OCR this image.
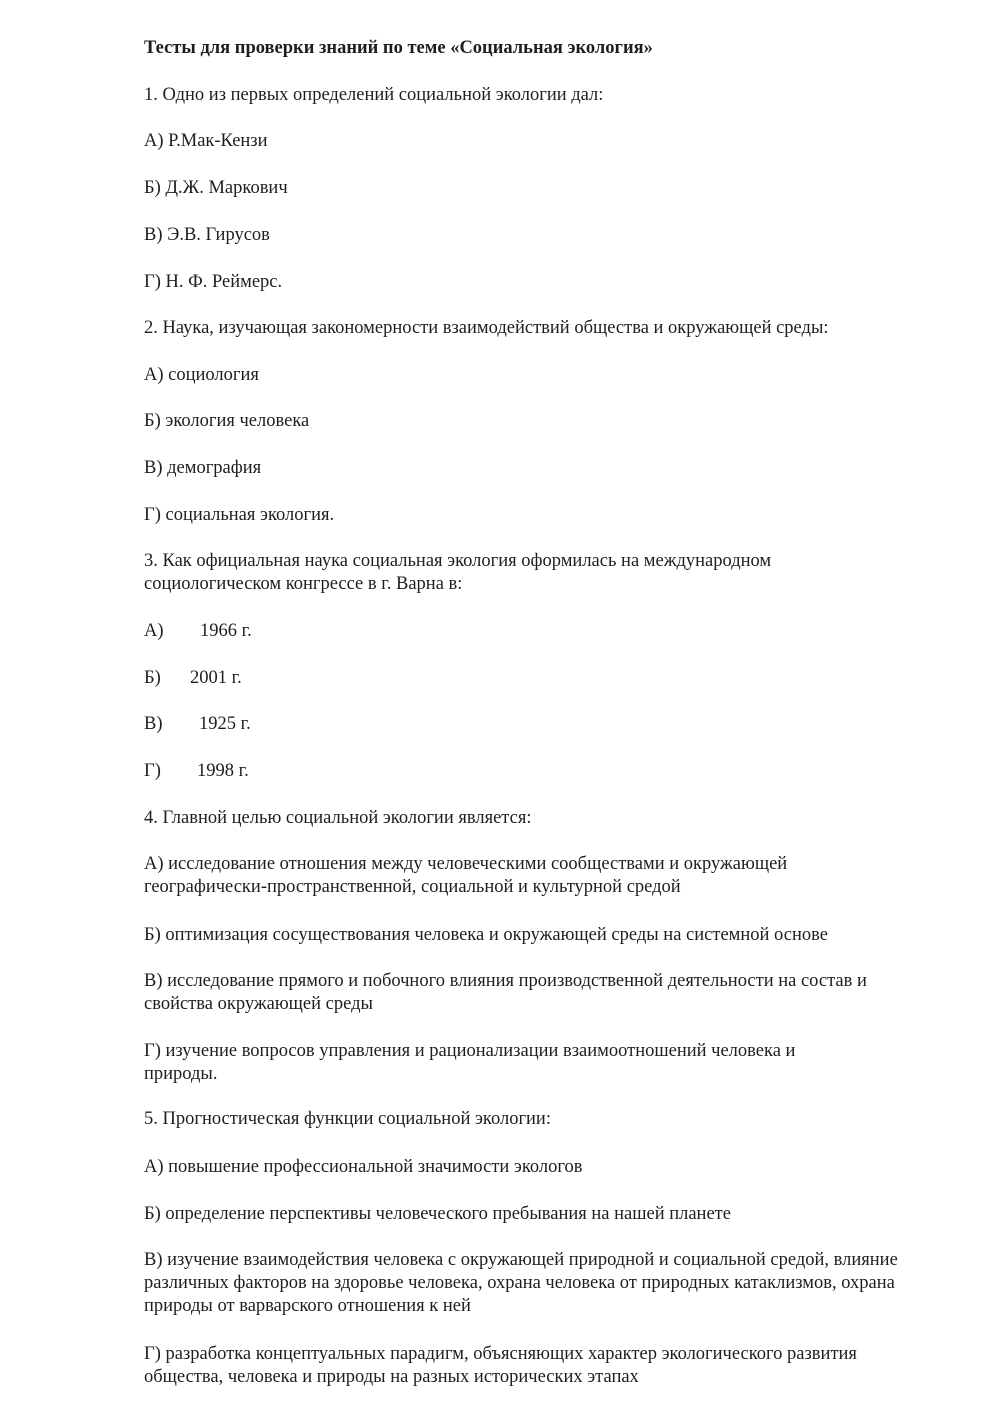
Тесты для проверки знаний по теме «Социальная экология»
1. Одно из первых определений социальной экологии дал:
А) Р.Мак-Кензи
Б) Д.Ж. Маркович
В) Э.В. Гирусов
Г) Н. Ф. Реймерс.
2. Наука, изучающая закономерности взаимодействий общества и окружающей среды:
А) социология
Б) экология человека
В) демография
Г) социальная экология.
3. Как официальная наука социальная экология оформилась на международном социологическом конгрессе в г. Варна в:
А) 1966 г.
Б) 2001 г.
В) 1925 г.
Г) 1998 г.
4. Главной целью социальной экологии является:
А) исследование отношения между человеческими сообществами и окружающей географически-пространственной, социальной и культурной средой
Б) оптимизация сосуществования человека и окружающей среды на системной основе
В) исследование прямого и побочного влияния производственной деятельности на состав и свойства окружающей среды
Г) изучение вопросов управления и рационализации взаимоотношений человека и природы.
5. Прогностическая функции социальной экологии:
А) повышение профессиональной значимости экологов
Б) определение перспективы человеческого пребывания на нашей планете
В) изучение взаимодействия человека с окружающей природной и социальной средой, влияние различных факторов на здоровье человека, охрана человека от природных катаклизмов, охрана природы от варварского отношения к ней
Г) разработка концептуальных парадигм, объясняющих характер экологического развития общества, человека и природы на разных исторических этапах
